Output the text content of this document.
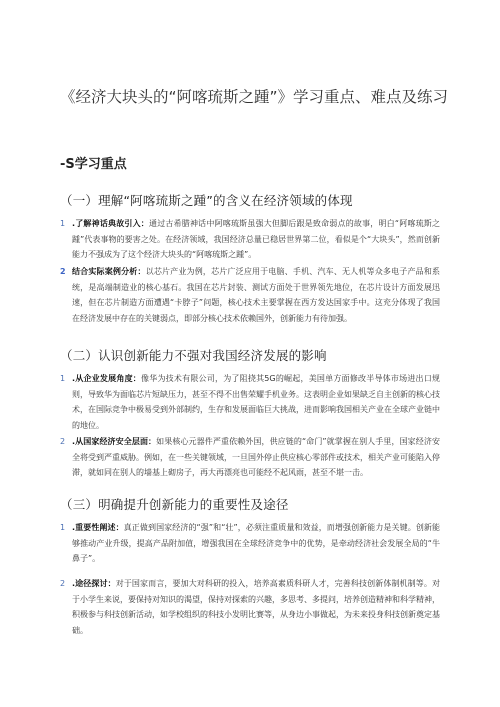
《经济大块头的“阿喀琉斯之踵”》学习重点、难点及练习
-S学习重点
（一）理解“阿喀琉斯之踵”的含义在经济领域的体现
1 .了解神话典故引入：通过古希腊神话中阿喀琉斯虽强大但脚后跟是致命弱点的故事，明白“阿喀琉斯之踵”代表事物的要害之处。在经济领域，我国经济总量已稳居世界第二位，看似是个“大块头”，然而创新能力不强成为了这个经济大块头的“阿喀琉斯之踵”。
2 结合实际案例分析：以芯片产业为例，芯片广泛应用于电脑、手机、汽车、无人机等众多电子产品和系统，是高端制造业的核心基石。我国在芯片封装、测试方面处于世界领先地位，在芯片设计方面发展迅速，但在芯片制造方面遭遇“卡脖子”问题，核心技术主要掌握在西方发达国家手中。这充分体现了我国在经济发展中存在的关键弱点，即部分核心技术依赖国外，创新能力有待加强。
（二）认识创新能力不强对我国经济发展的影响
1 .从企业发展角度：像华为技术有限公司，为了阻挠其5G的崛起，美国单方面修改半导体市场进出口规则，导致华为面临芯片短缺压力，甚至不得不出售荣耀手机业务。这表明企业如果缺乏自主创新的核心技术，在国际竞争中极易受到外部制约，生存和发展面临巨大挑战，进而影响我国相关产业在全球产业链中的地位。
2 .从国家经济安全层面：如果核心元器件严重依赖外国，供应链的“命门”就掌握在别人手里，国家经济安全将受到严重威胁。例如，在一些关键领域，一旦国外停止供应核心零部件或技术，相关产业可能陷入停滞，就如同在别人的墙基上砌房子，再大再漂亮也可能经不起风雨，甚至不堪一击。
（三）明确提升创新能力的重要性及途径
1 .重要性阐述：真正做到国家经济的“强”和“壮”，必须注重质量和效益，而增强创新能力是关键。创新能够推动产业升级，提高产品附加值，增强我国在全球经济竞争中的优势，是牵动经济社会发展全局的“牛鼻子”。
2 .途径探讨：对于国家而言，要加大对科研的投入，培养高素质科研人才，完善科技创新体制机制等。对于小学生来说，要保持对知识的渴望，保持对探索的兴趣，多思考、多提问，培养创造精神和科学精神，积极参与科技创新活动，如学校组织的科技小发明比赛等，从身边小事做起，为未来投身科技创新奠定基础。
